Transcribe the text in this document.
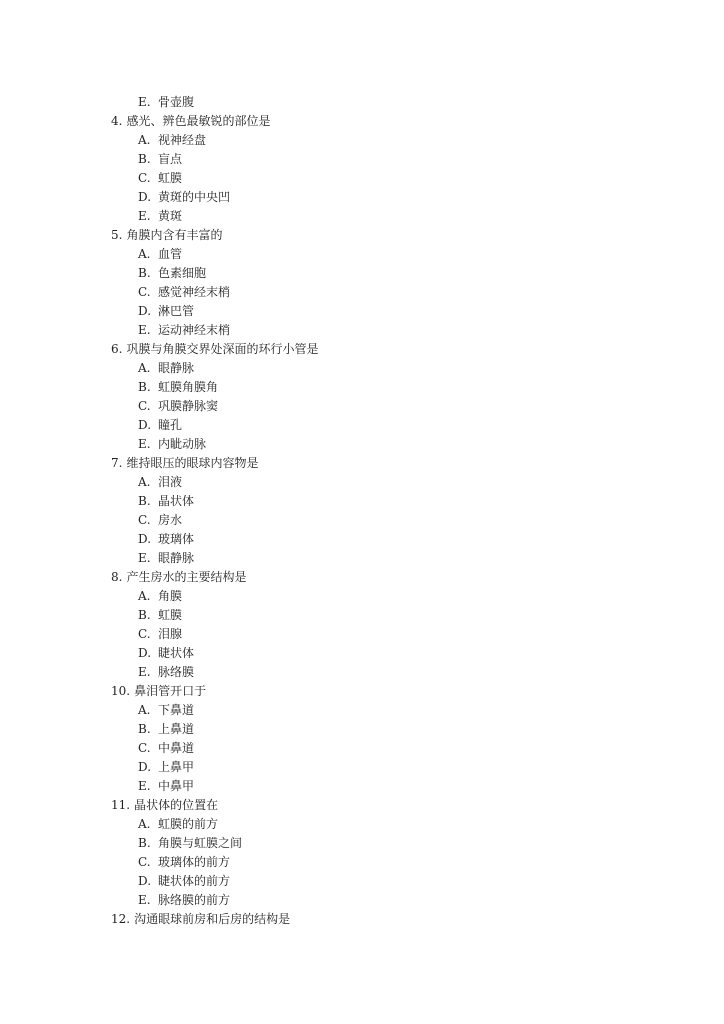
E. 骨壶腹
4. 感光、辨色最敏锐的部位是
A. 视神经盘
B. 盲点
C. 虹膜
D. 黄斑的中央凹
E. 黄斑
5. 角膜内含有丰富的
A. 血管
B. 色素细胞
C. 感觉神经末梢
D. 淋巴管
E. 运动神经末梢
6. 巩膜与角膜交界处深面的环行小管是
A. 眼静脉
B. 虹膜角膜角
C. 巩膜静脉窦
D. 瞳孔
E. 内眦动脉
7. 维持眼压的眼球内容物是
A. 泪液
B. 晶状体
C. 房水
D. 玻璃体
E. 眼静脉
8. 产生房水的主要结构是
A. 角膜
B. 虹膜
C. 泪腺
D. 睫状体
E. 脉络膜
10. 鼻泪管开口于
A. 下鼻道
B. 上鼻道
C. 中鼻道
D. 上鼻甲
E. 中鼻甲
11. 晶状体的位置在
A. 虹膜的前方
B. 角膜与虹膜之间
C. 玻璃体的前方
D. 睫状体的前方
E. 脉络膜的前方
12. 沟通眼球前房和后房的结构是
